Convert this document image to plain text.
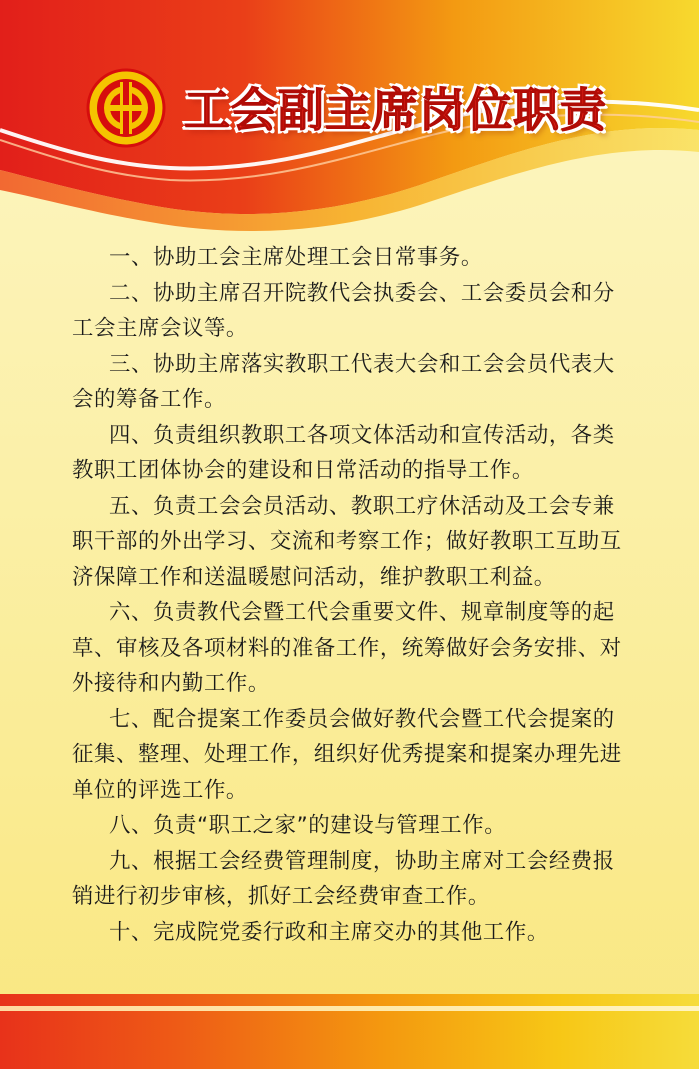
工会副主席岗位职责

一、协助工会主席处理工会日常事务。

二、协助主席召开院教代会执委会、工会委员会和分工会主席会议等。

三、协助主席落实教职工代表大会和工会会员代表大会的筹备工作。

四、负责组织教职工各项文体活动和宣传活动，各类教职工团体协会的建设和日常活动的指导工作。

五、负责工会会员活动、教职工疗休活动及工会专兼职干部的外出学习、交流和考察工作；做好教职工互助互济保障工作和送温暖慰问活动，维护教职工利益。

六、负责教代会暨工代会重要文件、规章制度等的起草、审核及各项材料的准备工作，统筹做好会务安排、对外接待和内勤工作。

七、配合提案工作委员会做好教代会暨工代会提案的征集、整理、处理工作，组织好优秀提案和提案办理先进单位的评选工作。

八、负责“职工之家”的建设与管理工作。

九、根据工会经费管理制度，协助主席对工会经费报销进行初步审核，抓好工会经费审查工作。

十、完成院党委行政和主席交办的其他工作。
